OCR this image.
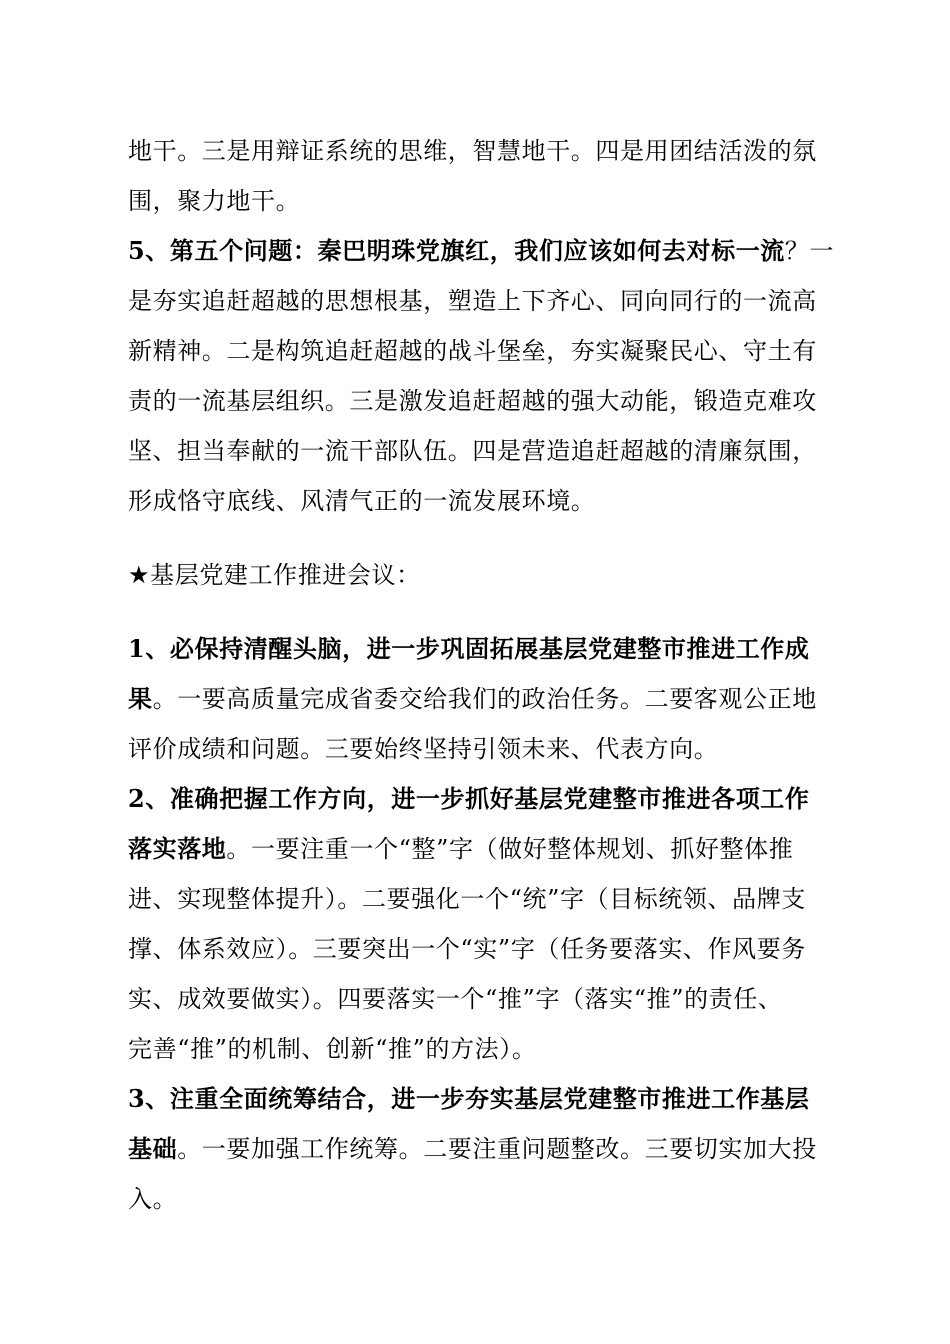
地干。三是用辩证系统的思维，智慧地干。四是用团结活泼的氛
围，聚力地干。
5、第五个问题：秦巴明珠党旗红，我们应该如何去对标一流？一
是夯实追赶超越的思想根基，塑造上下齐心、同向同行的一流高
新精神。二是构筑追赶超越的战斗堡垒，夯实凝聚民心、守土有
责的一流基层组织。三是激发追赶超越的强大动能，锻造克难攻
坚、担当奉献的一流干部队伍。四是营造追赶超越的清廉氛围，
形成恪守底线、风清气正的一流发展环境。
★基层党建工作推进会议：
1、必保持清醒头脑，进一步巩固拓展基层党建整市推进工作成
果。一要高质量完成省委交给我们的政治任务。二要客观公正地
评价成绩和问题。三要始终坚持引领未来、代表方向。
2、准确把握工作方向，进一步抓好基层党建整市推进各项工作
落实落地。一要注重一个“整”字（做好整体规划、抓好整体推
进、实现整体提升）。二要强化一个“统”字（目标统领、品牌支
撑、体系效应）。三要突出一个“实”字（任务要落实、作风要务
实、成效要做实）。四要落实一个“推”字（落实“推”的责任、
完善“推”的机制、创新“推”的方法）。
3、注重全面统筹结合，进一步夯实基层党建整市推进工作基层
基础。一要加强工作统筹。二要注重问题整改。三要切实加大投
入。
